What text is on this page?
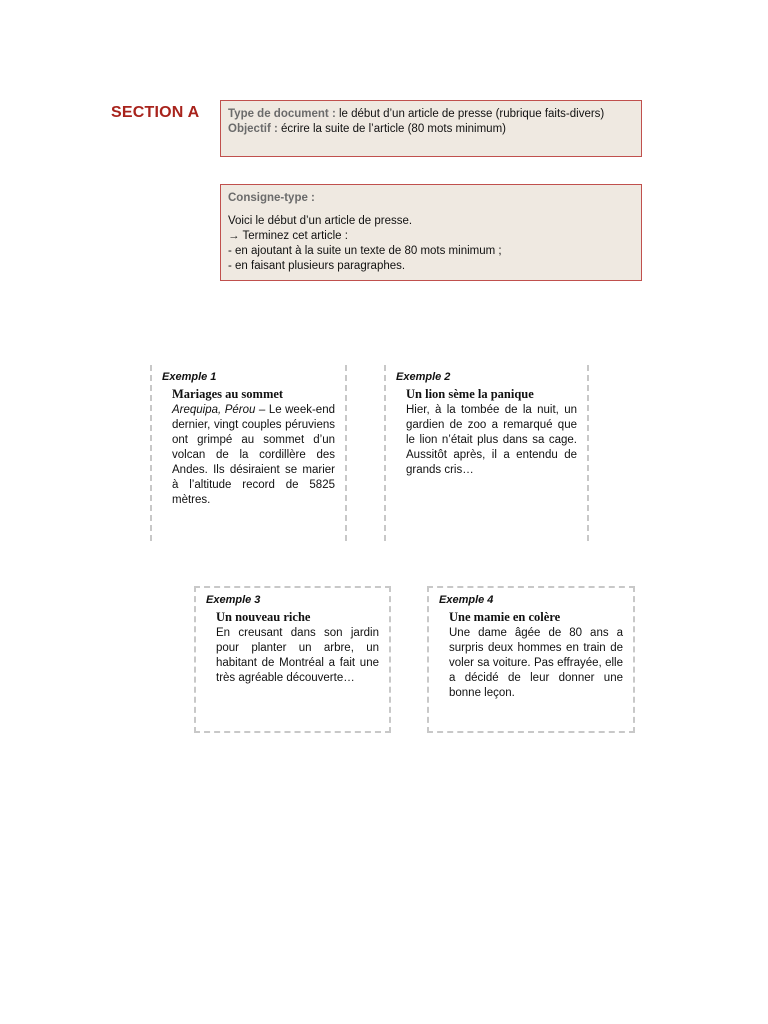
SECTION A Type de document : le début d’un article de presse (rubrique faits-divers)

Objectif : écrire la suite de l’article (80 mots minimum)

Consigne-type :

Voici le début d’un article de presse.

→ Terminez cet article :

- en ajoutant à la suite un texte de 80 mots minimum ;

- en faisant plusieurs paragraphes.

Exemple 1

Mariages au sommet

Arequipa, Pérou – Le week-end dernier, vingt couples péruviens ont grimpé au sommet d’un volcan de la cordillère des Andes. Ils désiraient se marier à l’altitude record de 5825 mètres.

Exemple 2

Un lion sème la panique

Hier, à la tombée de la nuit, un gardien de zoo a remarqué que le lion n’était plus dans sa cage. Aussitôt après, il a entendu de grands cris…

Exemple 3

Un nouveau riche

En creusant dans son jardin pour planter un arbre, un habitant de Montréal a fait une très agréable découverte…

Exemple 4

Une mamie en colère

Une dame âgée de 80 ans a surpris deux hommes en train de voler sa voiture. Pas effrayée, elle a décidé de leur donner une bonne leçon.
